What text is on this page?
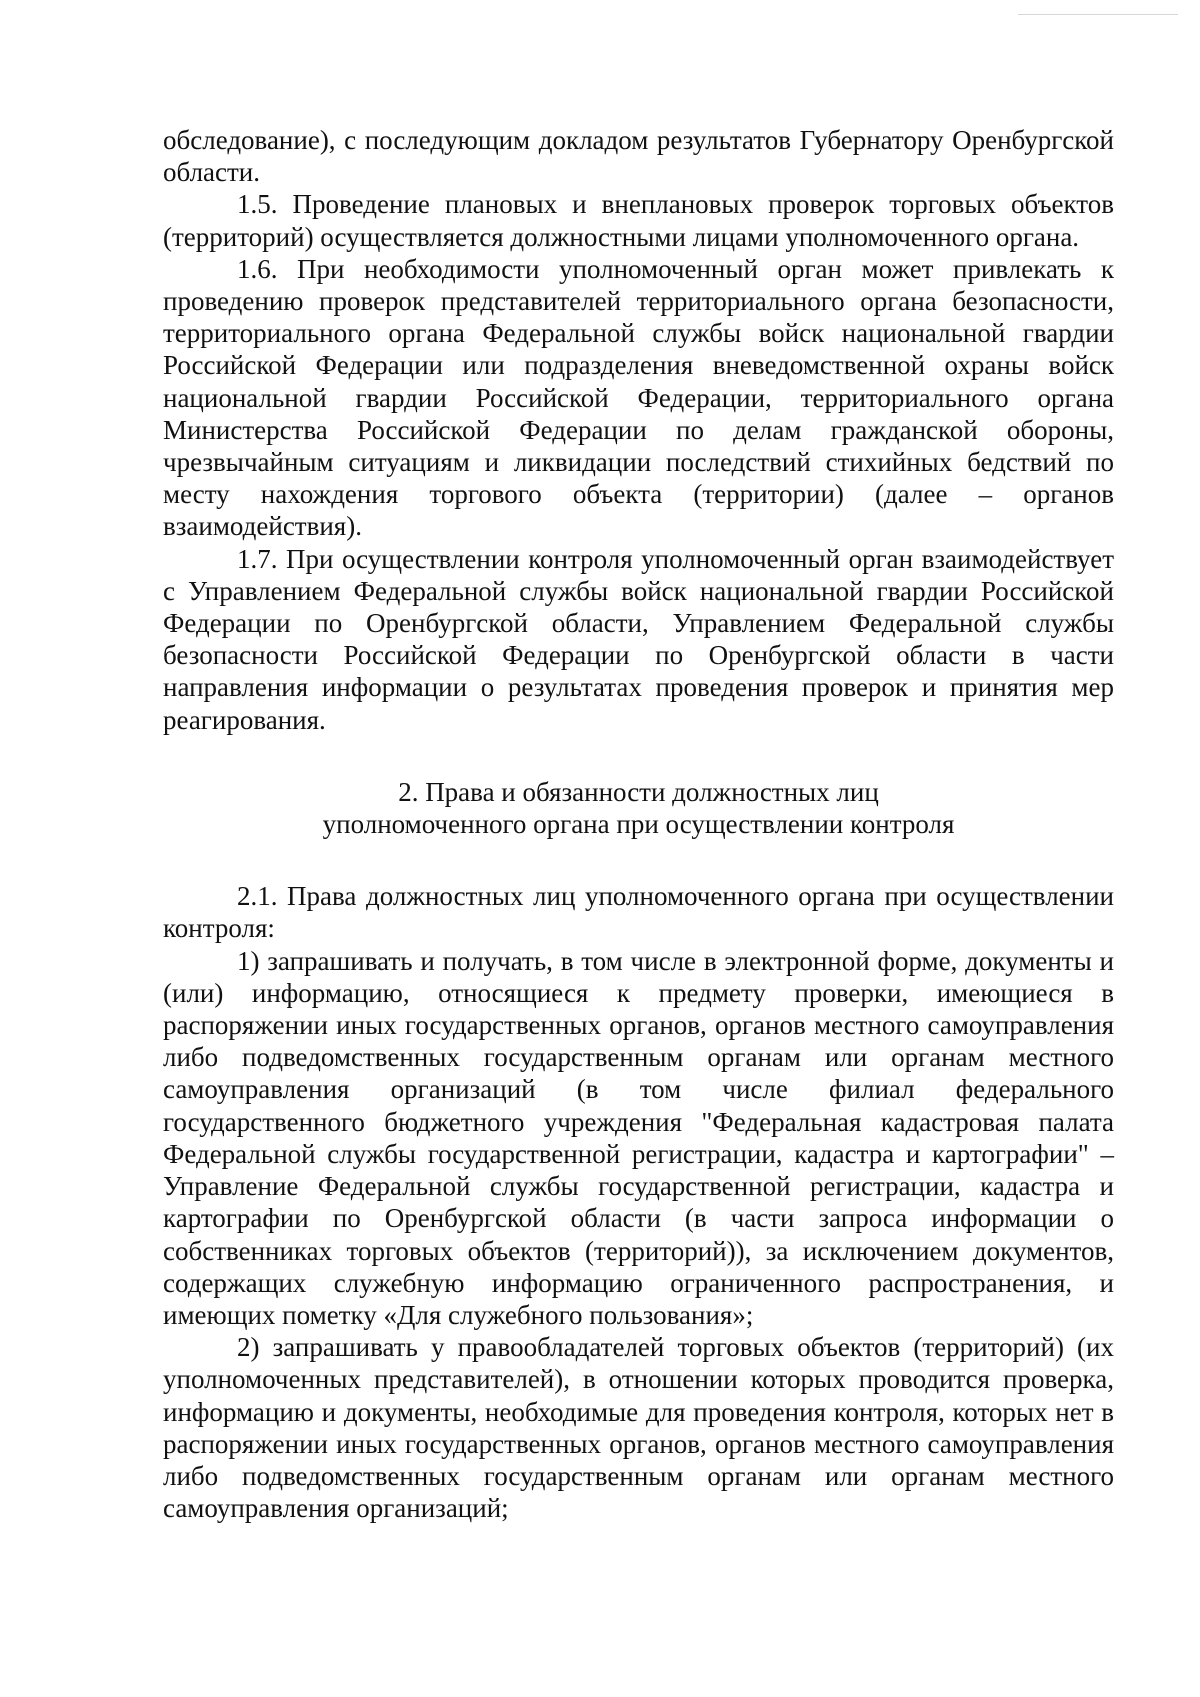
обследование), с последующим докладом результатов Губернатору Оренбургской области.

1.5. Проведение плановых и внеплановых проверок торговых объектов (территорий) осуществляется должностными лицами уполномоченного органа.

1.6. При необходимости уполномоченный орган может привлекать к проведению проверок представителей территориального органа безопасности, территориального органа Федеральной службы войск национальной гвардии Российской Федерации или подразделения вневедомственной охраны войск национальной гвардии Российской Федерации, территориального органа Министерства Российской Федерации по делам гражданской обороны, чрезвычайным ситуациям и ликвидации последствий стихийных бедствий по месту нахождения торгового объекта (территории) (далее – органов взаимодействия).

1.7. При осуществлении контроля уполномоченный орган взаимодействует с Управлением Федеральной службы войск национальной гвардии Российской Федерации по Оренбургской области, Управлением Федеральной службы безопасности Российской Федерации по Оренбургской области в части направления информации о результатах проведения проверок и принятия мер реагирования.

2. Права и обязанности должностных лиц

уполномоченного органа при осуществлении контроля

2.1. Права должностных лиц уполномоченного органа при осуществлении контроля:

1) запрашивать и получать, в том числе в электронной форме, документы и (или) информацию, относящиеся к предмету проверки, имеющиеся в распоряжении иных государственных органов, органов местного самоуправления либо подведомственных государственным органам или органам местного самоуправления организаций (в том числе филиал федерального государственного бюджетного учреждения "Федеральная кадастровая палата Федеральной службы государственной регистрации, кадастра и картографии" – Управление Федеральной службы государственной регистрации, кадастра и картографии по Оренбургской области (в части запроса информации о собственниках торговых объектов (территорий)), за исключением документов, содержащих служебную информацию ограниченного распространения, и имеющих пометку «Для служебного пользования»;

2) запрашивать у правообладателей торговых объектов (территорий) (их уполномоченных представителей), в отношении которых проводится проверка, информацию и документы, необходимые для проведения контроля, которых нет в распоряжении иных государственных органов, органов местного самоуправления либо подведомственных государственным органам или органам местного самоуправления организаций;
